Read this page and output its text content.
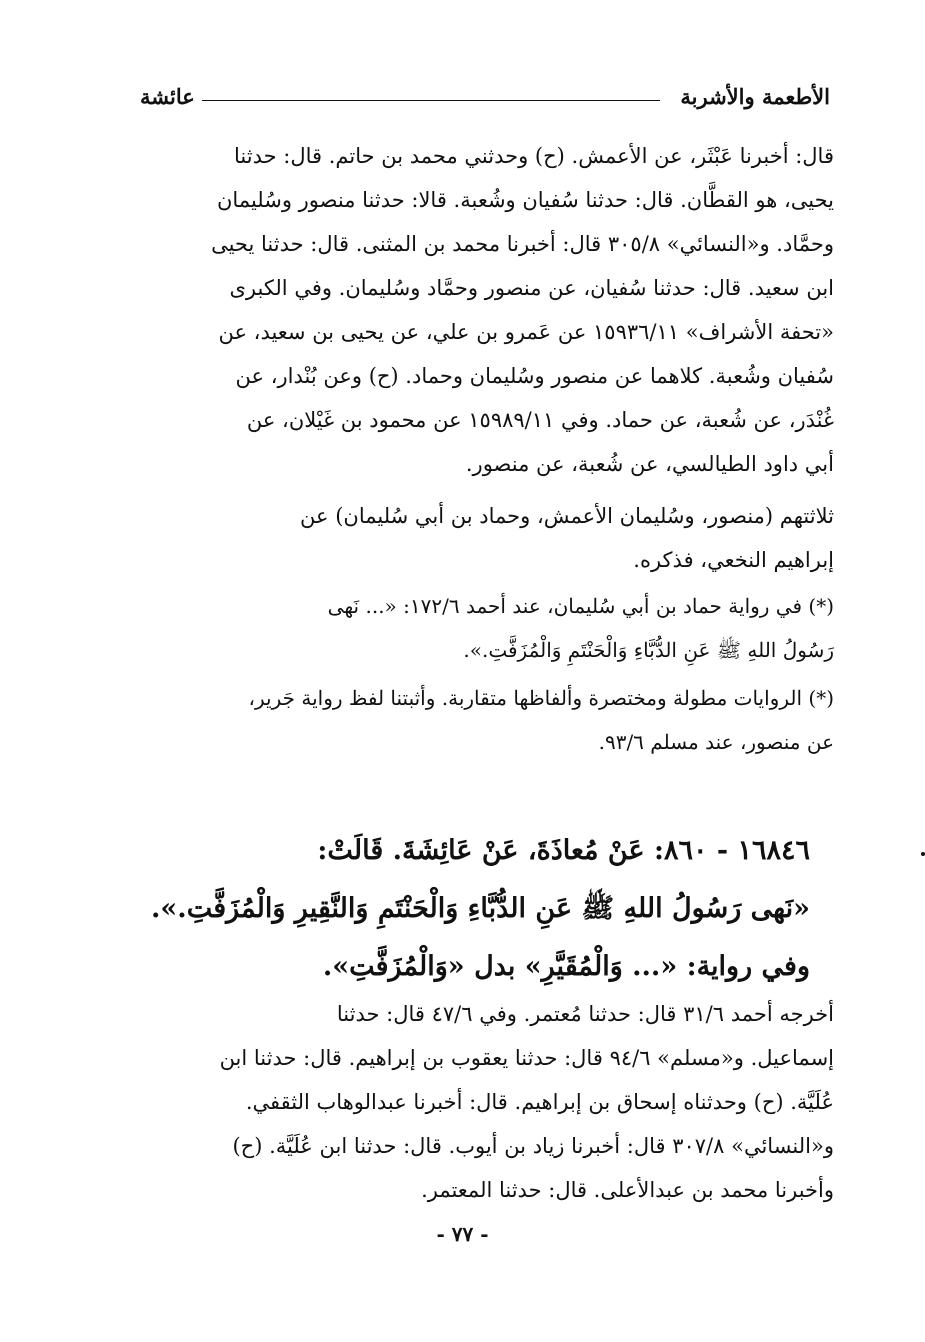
الأطعمة والأشربة
عائشة
قال: أخبرنا عَبْثَر، عن الأعمش. (ح) وحدثني محمد بن حاتم. قال: حدثنا
يحيى، هو القطَّان. قال: حدثنا سُفيان وشُعبة. قالا: حدثنا منصور وسُليمان
وحمَّاد. و«النسائي» ٣٠٥/٨ قال: أخبرنا محمد بن المثنى. قال: حدثنا يحيى
ابن سعيد. قال: حدثنا سُفيان، عن منصور وحمَّاد وسُليمان. وفي الكبرى
«تحفة الأشراف» ١٥٩٣٦/١١ عن عَمرو بن علي، عن يحيى بن سعيد، عن
سُفيان وشُعبة. كلاهما عن منصور وسُليمان وحماد. (ح) وعن بُنْدار، عن
غُنْدَر، عن شُعبة، عن حماد. وفي ١٥٩٨٩/١١ عن محمود بن غَيْلان، عن
أبي داود الطيالسي، عن شُعبة، عن منصور.
ثلاثتهم (منصور، وسُليمان الأعمش، وحماد بن أبي سُليمان) عن
إبراهيم النخعي، فذكره.
(*) في رواية حماد بن أبي سُليمان، عند أحمد ١٧٢/٦: «... نَهى
رَسُولُ اللهِ ﷺ عَنِ الدُّبَّاءِ وَالْحَنْتَمِ وَالْمُزَفَّتِ.».
(*) الروايات مطولة ومختصرة وألفاظها متقاربة. وأثبتنا لفظ رواية جَرير،
عن منصور، عند مسلم ٩٣/٦.
١٦٨٤٦ - ٨٦٠: عَنْ مُعاذَةَ، عَنْ عَائِشَةَ. قَالَتْ:
«نَهى رَسُولُ اللهِ ﷺ عَنِ الدُّبَّاءِ وَالْحَنْتَمِ وَالنَّقِيرِ وَالْمُزَفَّتِ.».
وفي رواية: «... وَالْمُقَيَّرِ» بدل «وَالْمُزَفَّتِ».
أخرجه أحمد ٣١/٦ قال: حدثنا مُعتمر. وفي ٤٧/٦ قال: حدثنا
إسماعيل. و«مسلم» ٩٤/٦ قال: حدثنا يعقوب بن إبراهيم. قال: حدثنا ابن
عُلَيَّة. (ح) وحدثناه إسحاق بن إبراهيم. قال: أخبرنا عبدالوهاب الثقفي.
و«النسائي» ٣٠٧/٨ قال: أخبرنا زياد بن أيوب. قال: حدثنا ابن عُلَيَّة. (ح)
وأخبرنا محمد بن عبدالأعلى. قال: حدثنا المعتمر.
- ٧٧ -
